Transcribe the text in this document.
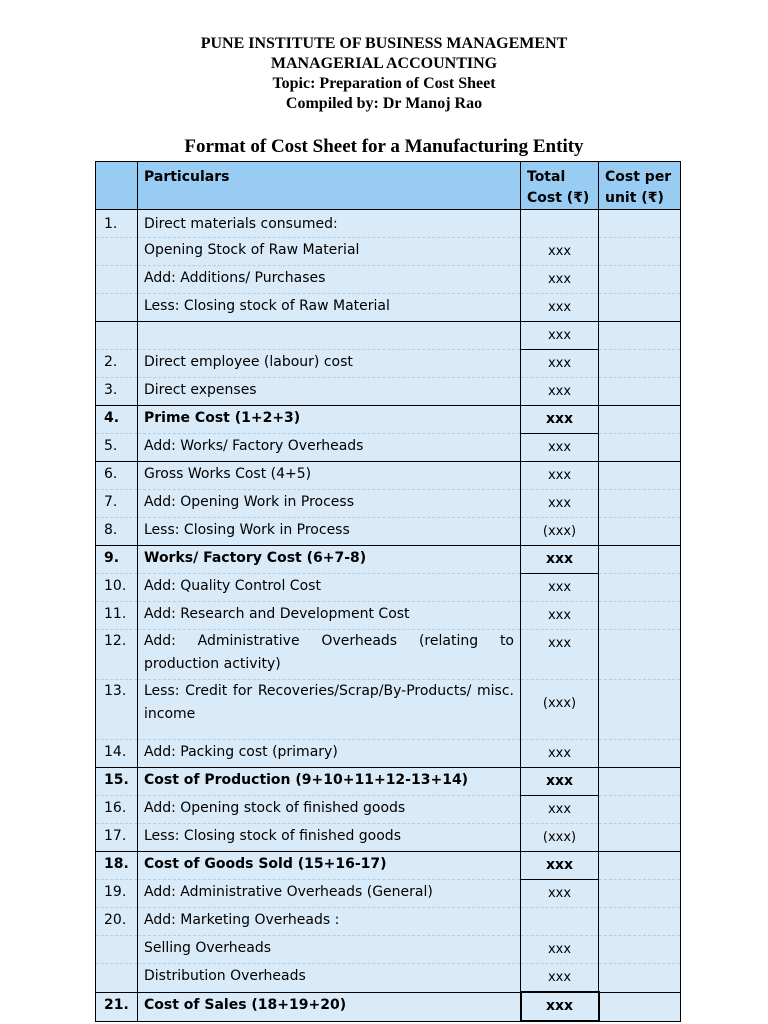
PUNE INSTITUTE OF BUSINESS MANAGEMENT
MANAGERIAL ACCOUNTING
Topic: Preparation of Cost Sheet
Compiled by: Dr Manoj Rao
Format of Cost Sheet for a Manufacturing Entity
	Particulars	Total Cost (₹)	Cost per unit (₹)
1.	Direct materials consumed:		
	Opening Stock of Raw Material	xxx	
	Add: Additions/ Purchases	xxx	
	Less: Closing stock of Raw Material	xxx	
		xxx	
2.	Direct employee (labour) cost	xxx	
3.	Direct expenses	xxx	
4.	Prime Cost (1+2+3)	xxx	
5.	Add: Works/ Factory Overheads	xxx	
6.	Gross Works Cost (4+5)	xxx	
7.	Add: Opening Work in Process	xxx	
8.	Less: Closing Work in Process	(xxx)	
9.	Works/ Factory Cost (6+7-8)	xxx	
10.	Add: Quality Control Cost	xxx	
11.	Add: Research and Development Cost	xxx	
12.	Add: Administrative Overheads (relating to production activity)	xxx	
13.	Less: Credit for Recoveries/Scrap/By-Products/ misc. income	(xxx)	
14.	Add: Packing cost (primary)	xxx	
15.	Cost of Production (9+10+11+12-13+14)	xxx	
16.	Add: Opening stock of finished goods	xxx	
17.	Less: Closing stock of finished goods	(xxx)	
18.	Cost of Goods Sold (15+16-17)	xxx	
19.	Add: Administrative Overheads (General)	xxx	
20.	Add: Marketing Overheads :		
	Selling Overheads	xxx	
	Distribution Overheads	xxx	
21.	Cost of Sales (18+19+20)	xxx	
